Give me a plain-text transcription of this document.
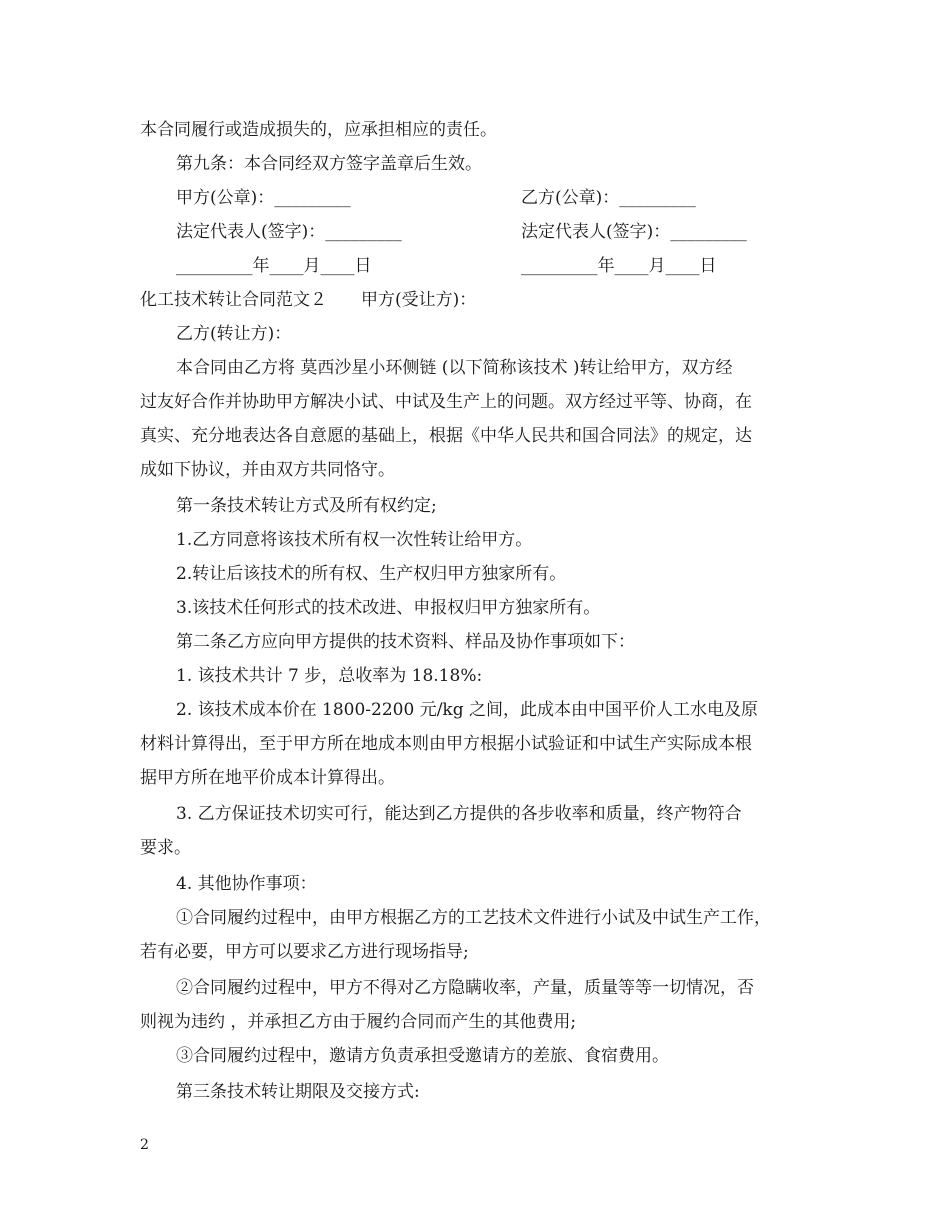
本合同履行或造成损失的，应承担相应的责任。
第九条：本合同经双方签字盖章后生效。
甲方(公章)：_________	乙方(公章)：_________
法定代表人(签字)：_________	法定代表人(签字)：_________
_________年____月____日	_________年____月____日
化工技术转让合同范文２　　甲方(受让方)：
乙方(转让方)：
本合同由乙方将 莫西沙星小环侧链 (以下简称该技术 )转让给甲方，双方经
过友好合作并协助甲方解决小试、中试及生产上的问题。双方经过平等、协商，在
真实、充分地表达各自意愿的基础上，根据《中华人民共和国合同法》的规定，达
成如下协议，并由双方共同恪守。
第一条技术转让方式及所有权约定;
1.乙方同意将该技术所有权一次性转让给甲方。
2.转让后该技术的所有权、生产权归甲方独家所有。
3.该技术任何形式的技术改进、申报权归甲方独家所有。
第二条乙方应向甲方提供的技术资料、样品及协作事项如下：
1. 该技术共计 7 步，总收率为 18.18%:
2. 该技术成本价在 1800-2200 元/kg 之间，此成本由中国平价人工水电及原
材料计算得出，至于甲方所在地成本则由甲方根据小试验证和中试生产实际成本根
据甲方所在地平价成本计算得出。
3. 乙方保证技术切实可行，能达到乙方提供的各步收率和质量，终产物符合
要求。
4. 其他协作事项：
①合同履约过程中，由甲方根据乙方的工艺技术文件进行小试及中试生产工作，
若有必要，甲方可以要求乙方进行现场指导;
②合同履约过程中，甲方不得对乙方隐瞒收率，产量，质量等等一切情况，否
则视为违约 ，并承担乙方由于履约合同而产生的其他费用;
③合同履约过程中，邀请方负责承担受邀请方的差旅、食宿费用。
第三条技术转让期限及交接方式:
2
